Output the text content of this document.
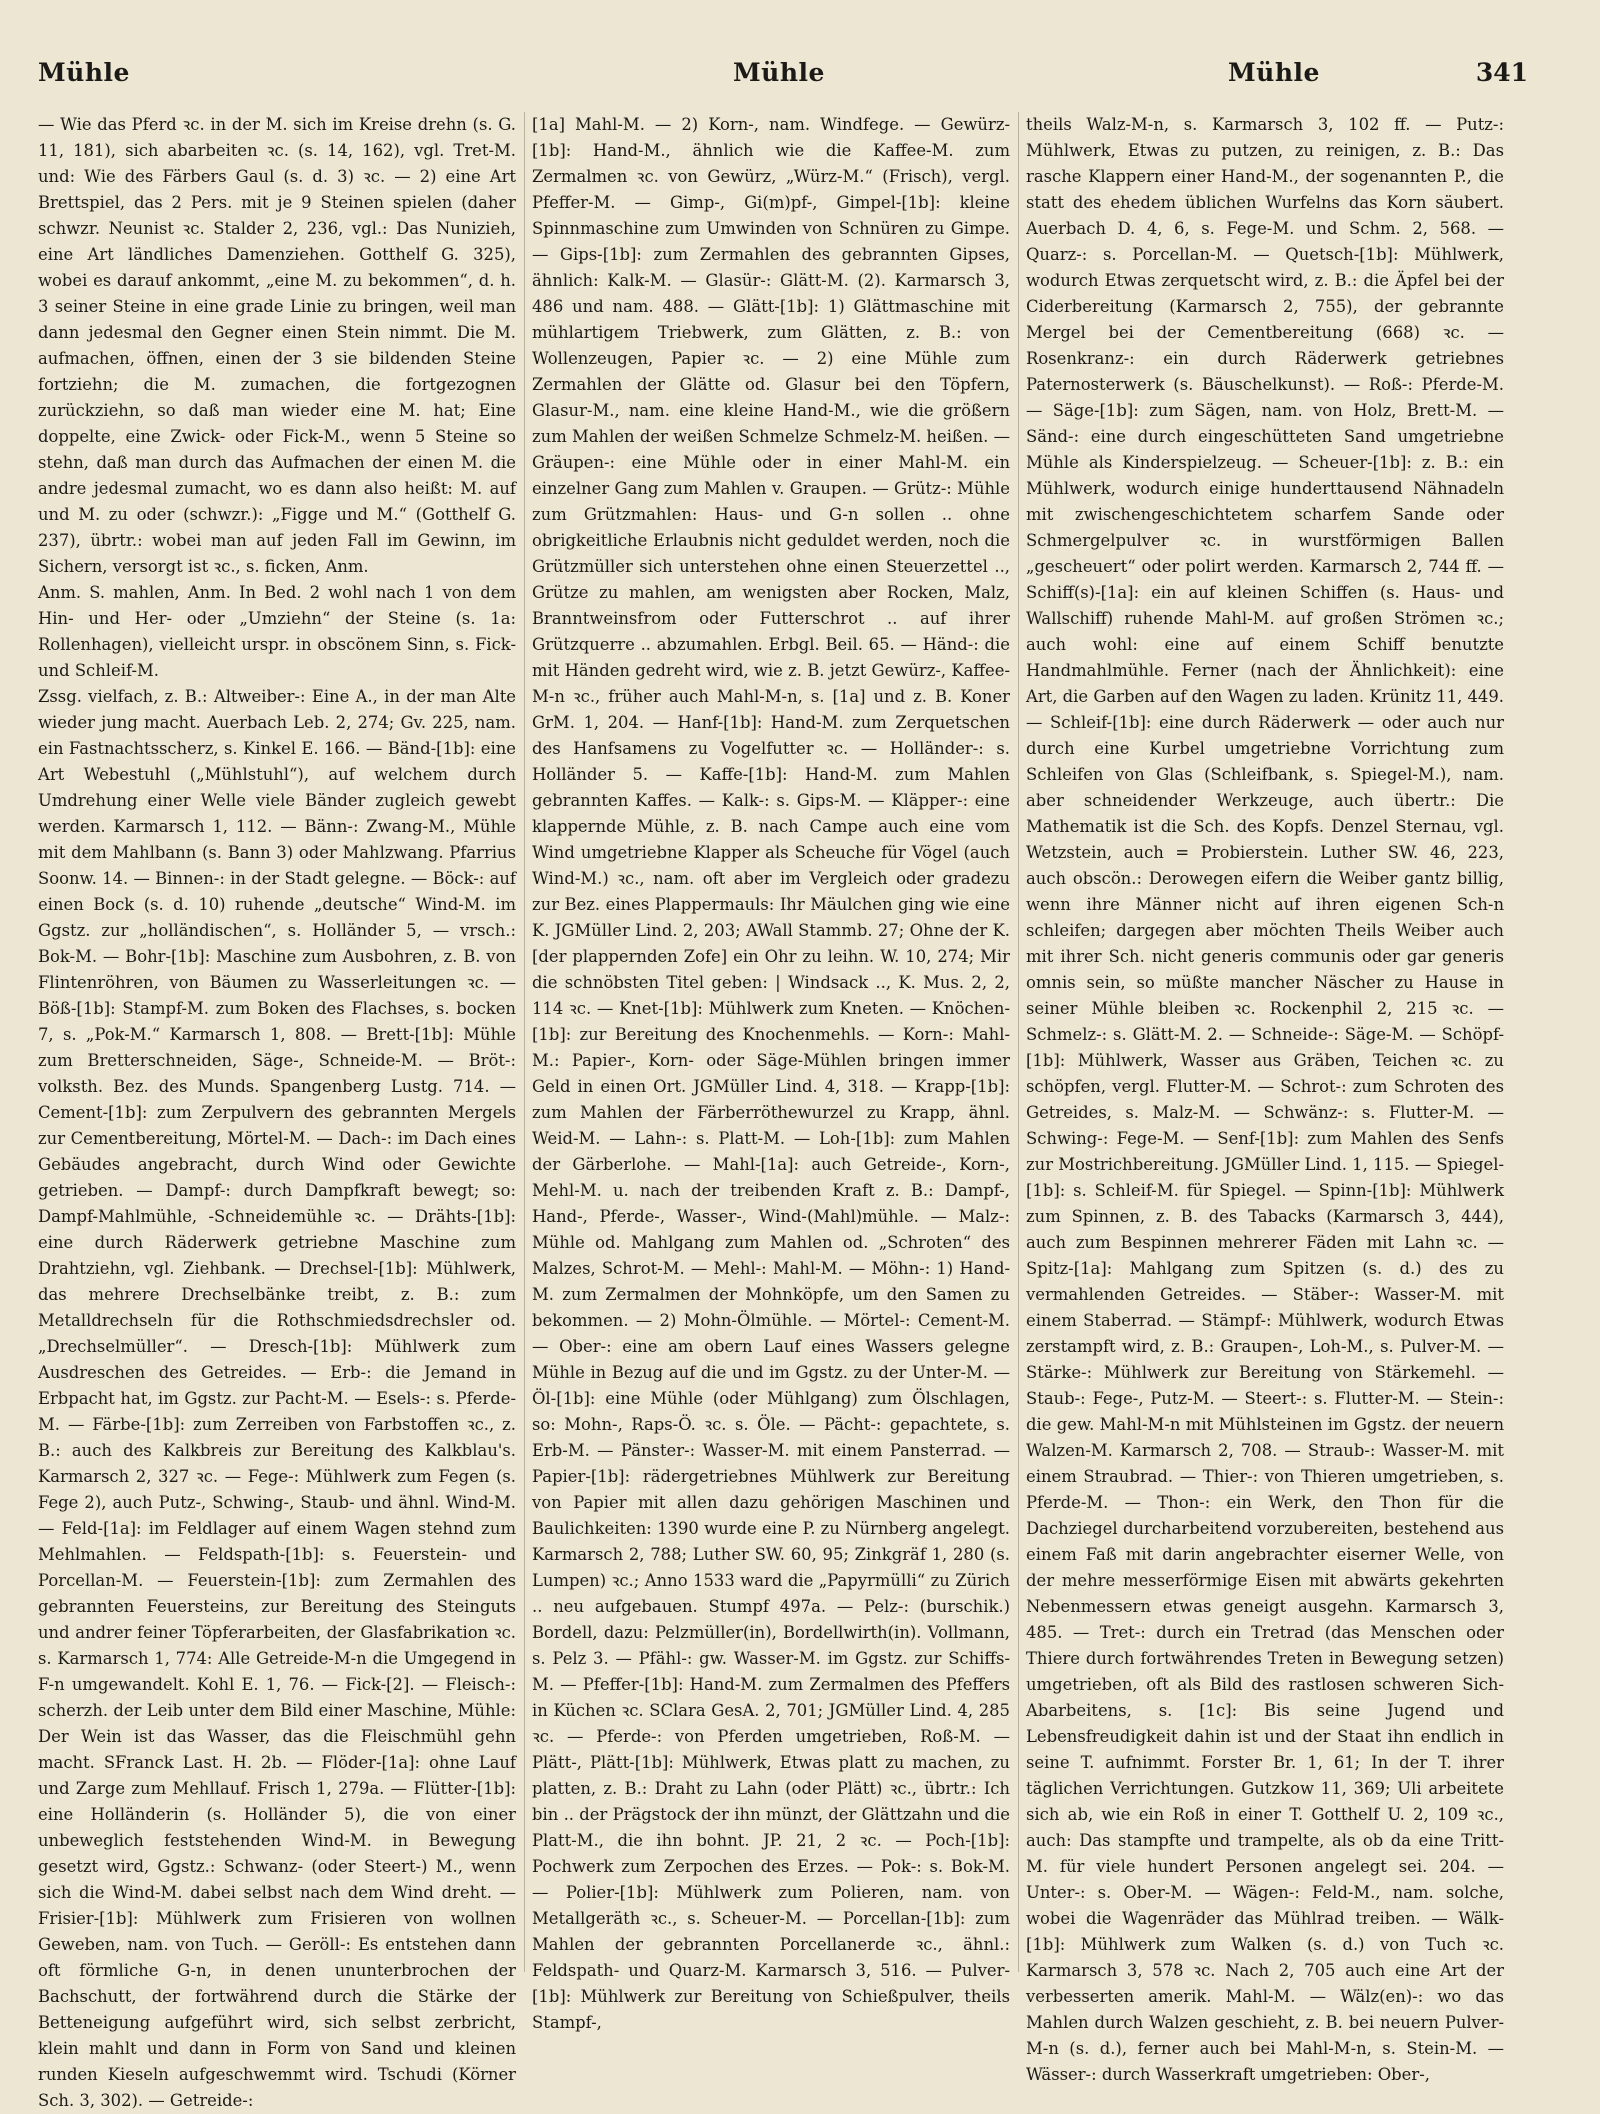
Mühle	Mühle	Mühle	341

— Wie das Pferd ꝛc. in der M. sich im Kreise drehn (s. G. 11, 181), sich abarbeiten ꝛc. (s. 14, 162), vgl. Tret-M. und: Wie des Färbers Gaul (s. d. 3) ꝛc. — 2) eine Art Brettspiel, das 2 Pers. mit je 9 Steinen spielen (daher schwzr. Neunist ꝛc. Stalder 2, 236, vgl.: Das Nunizieh, eine Art ländliches Damenziehen. Gotthelf G. 325), wobei es darauf ankommt, „eine M. zu bekommen“, d. h. 3 seiner Steine in eine grade Linie zu bringen, weil man dann jedesmal den Gegner einen Stein nimmt. Die M. aufmachen, öffnen, einen der 3 sie bildenden Steine fortziehn; die M. zumachen, die fortgezognen zurückziehn, so daß man wieder eine M. hat; Eine doppelte, eine Zwick- oder Fick-M., wenn 5 Steine so stehn, daß man durch das Aufmachen der einen M. die andre jedesmal zumacht, wo es dann also heißt: M. auf und M. zu oder (schwzr.): „Figge und M.“ (Gotthelf G. 237), übrtr.: wobei man auf jeden Fall im Gewinn, im Sichern, versorgt ist ꝛc., s. ficken, Anm.

Anm. S. mahlen, Anm. In Bed. 2 wohl nach 1 von dem Hin- und Her- oder „Umziehn“ der Steine (s. 1a: Rollenhagen), vielleicht urspr. in obscönem Sinn, s. Fick- und Schleif-M.

Zssg. vielfach, z. B.: Altweiber-: Eine A., in der man Alte wieder jung macht. Auerbach Leb. 2, 274; Gv. 225, nam. ein Fastnachtsscherz, s. Kinkel E. 166. — Bänd-[1b]: eine Art Webestuhl („Mühlstuhl“), auf welchem durch Umdrehung einer Welle viele Bänder zugleich gewebt werden. Karmarsch 1, 112. — Bänn-: Zwang-M., Mühle mit dem Mahlbann (s. Bann 3) oder Mahlzwang. Pfarrius Soonw. 14. — Binnen-: in der Stadt gelegne. — Böck-: auf einen Bock (s. d. 10) ruhende „deutsche“ Wind-M. im Ggstz. zur „holländischen“, s. Holländer 5, — vrsch.: Bok-M. — Bohr-[1b]: Maschine zum Ausbohren, z. B. von Flintenröhren, von Bäumen zu Wasserleitungen ꝛc. — Böß-[1b]: Stampf-M. zum Boken des Flachses, s. bocken 7, s. „Pok-M.“ Karmarsch 1, 808. — Brett-[1b]: Mühle zum Bretterschneiden, Säge-, Schneide-M. — Bröt-: volksth. Bez. des Munds. Spangenberg Lustg. 714. — Cement-[1b]: zum Zerpulvern des gebrannten Mergels zur Cementbereitung, Mörtel-M. — Dach-: im Dach eines Gebäudes angebracht, durch Wind oder Gewichte getrieben. — Dampf-: durch Dampfkraft bewegt; so: Dampf-Mahlmühle, -Schneidemühle ꝛc. — Drähts-[1b]: eine durch Räderwerk getriebne Maschine zum Drahtziehn, vgl. Ziehbank. — Drechsel-[1b]: Mühlwerk, das mehrere Drechselbänke treibt, z. B.: zum Metalldrechseln für die Rothschmiedsdrechsler od. „Drechselmüller“. — Dresch-[1b]: Mühlwerk zum Ausdreschen des Getreides. — Erb-: die Jemand in Erbpacht hat, im Ggstz. zur Pacht-M. — Esels-: s. Pferde-M. — Färbe-[1b]: zum Zerreiben von Farbstoffen ꝛc., z. B.: auch des Kalkbreis zur Bereitung des Kalkblau's. Karmarsch 2, 327 ꝛc. — Fege-: Mühlwerk zum Fegen (s. Fege 2), auch Putz-, Schwing-, Staub- und ähnl. Wind-M. — Feld-[1a]: im Feldlager auf einem Wagen stehnd zum Mehlmahlen. — Feldspath-[1b]: s. Feuerstein- und Porcellan-M. — Feuerstein-[1b]: zum Zermahlen des gebrannten Feuersteins, zur Bereitung des Steinguts und andrer feiner Töpferarbeiten, der Glasfabrikation ꝛc. s. Karmarsch 1, 774: Alle Getreide-M-n die Umgegend in F-n umgewandelt. Kohl E. 1, 76. — Fick-[2]. — Fleisch-: scherzh. der Leib unter dem Bild einer Maschine, Mühle: Der Wein ist das Wasser, das die Fleischmühl gehn macht. SFranck Last. H. 2b. — Flöder-[1a]: ohne Lauf und Zarge zum Mehllauf. Frisch 1, 279a. — Flütter-[1b]: eine Holländerin (s. Holländer 5), die von einer unbeweglich feststehenden Wind-M. in Bewegung gesetzt wird, Ggstz.: Schwanz- (oder Steert-) M., wenn sich die Wind-M. dabei selbst nach dem Wind dreht. — Frisier-[1b]: Mühlwerk zum Frisieren von wollnen Geweben, nam. von Tuch. — Geröll-: Es entstehen dann oft förmliche G-n, in denen ununterbrochen der Bachschutt, der fortwährend durch die Stärke der Betteneigung aufgeführt wird, sich selbst zerbricht, klein mahlt und dann in Form von Sand und kleinen runden Kieseln aufgeschwemmt wird. Tschudi (Körner Sch. 3, 302). — Getreide-:

[1a] Mahl-M. — 2) Korn-, nam. Windfege. — Gewürz-[1b]: Hand-M., ähnlich wie die Kaffee-M. zum Zermalmen ꝛc. von Gewürz, „Würz-M.“ (Frisch), vergl. Pfeffer-M. — Gimp-, Gi(m)pf-, Gimpel-[1b]: kleine Spinnmaschine zum Umwinden von Schnüren zu Gimpe. — Gips-[1b]: zum Zermahlen des gebrannten Gipses, ähnlich: Kalk-M. — Glasür-: Glätt-M. (2). Karmarsch 3, 486 und nam. 488. — Glätt-[1b]: 1) Glättmaschine mit mühlartigem Triebwerk, zum Glätten, z. B.: von Wollenzeugen, Papier ꝛc. — 2) eine Mühle zum Zermahlen der Glätte od. Glasur bei den Töpfern, Glasur-M., nam. eine kleine Hand-M., wie die größern zum Mahlen der weißen Schmelze Schmelz-M. heißen. — Gräupen-: eine Mühle oder in einer Mahl-M. ein einzelner Gang zum Mahlen v. Graupen. — Grütz-: Mühle zum Grützmahlen: Haus- und G-n sollen .. ohne obrigkeitliche Erlaubnis nicht geduldet werden, noch die Grützmüller sich unterstehen ohne einen Steuerzettel .., Grütze zu mahlen, am wenigsten aber Rocken, Malz, Branntweinsfrom oder Futterschrot .. auf ihrer Grützquerre .. abzumahlen. Erbgl. Beil. 65. — Händ-: die mit Händen gedreht wird, wie z. B. jetzt Gewürz-, Kaffee-M-n ꝛc., früher auch Mahl-M-n, s. [1a] und z. B. Koner GrM. 1, 204. — Hanf-[1b]: Hand-M. zum Zerquetschen des Hanfsamens zu Vogelfutter ꝛc. — Holländer-: s. Holländer 5. — Kaffe-[1b]: Hand-M. zum Mahlen gebrannten Kaffes. — Kalk-: s. Gips-M. — Kläpper-: eine klappernde Mühle, z. B. nach Campe auch eine vom Wind umgetriebne Klapper als Scheuche für Vögel (auch Wind-M.) ꝛc., nam. oft aber im Vergleich oder gradezu zur Bez. eines Plappermauls: Ihr Mäulchen ging wie eine K. JGMüller Lind. 2, 203; AWall Stammb. 27; Ohne der K. [der plappernden Zofe] ein Ohr zu leihn. W. 10, 274; Mir die schnöbsten Titel geben: | Windsack .., K. Mus. 2, 2, 114 ꝛc. — Knet-[1b]: Mühlwerk zum Kneten. — Knöchen-[1b]: zur Bereitung des Knochenmehls. — Korn-: Mahl-M.: Papier-, Korn- oder Säge-Mühlen bringen immer Geld in einen Ort. JGMüller Lind. 4, 318. — Krapp-[1b]: zum Mahlen der Färberröthewurzel zu Krapp, ähnl. Weid-M. — Lahn-: s. Platt-M. — Loh-[1b]: zum Mahlen der Gärberlohe. — Mahl-[1a]: auch Getreide-, Korn-, Mehl-M. u. nach der treibenden Kraft z. B.: Dampf-, Hand-, Pferde-, Wasser-, Wind-(Mahl)mühle. — Malz-: Mühle od. Mahlgang zum Mahlen od. „Schroten“ des Malzes, Schrot-M. — Mehl-: Mahl-M. — Möhn-: 1) Hand-M. zum Zermalmen der Mohnköpfe, um den Samen zu bekommen. — 2) Mohn-Ölmühle. — Mörtel-: Cement-M. — Ober-: eine am obern Lauf eines Wassers gelegne Mühle in Bezug auf die und im Ggstz. zu der Unter-M. — Öl-[1b]: eine Mühle (oder Mühlgang) zum Ölschlagen, so: Mohn-, Raps-Ö. ꝛc. s. Öle. — Pächt-: gepachtete, s. Erb-M. — Pänster-: Wasser-M. mit einem Pansterrad. — Papier-[1b]: rädergetriebnes Mühlwerk zur Bereitung von Papier mit allen dazu gehörigen Maschinen und Baulichkeiten: 1390 wurde eine P. zu Nürnberg angelegt. Karmarsch 2, 788; Luther SW. 60, 95; Zinkgräf 1, 280 (s. Lumpen) ꝛc.; Anno 1533 ward die „Papyrmülli“ zu Zürich .. neu aufgebauen. Stumpf 497a. — Pelz-: (burschik.) Bordell, dazu: Pelzmüller(in), Bordellwirth(in). Vollmann, s. Pelz 3. — Pfähl-: gw. Wasser-M. im Ggstz. zur Schiffs-M. — Pfeffer-[1b]: Hand-M. zum Zermalmen des Pfeffers in Küchen ꝛc. SClara GesA. 2, 701; JGMüller Lind. 4, 285 ꝛc. — Pferde-: von Pferden umgetrieben, Roß-M. — Plätt-, Plätt-[1b]: Mühlwerk, Etwas platt zu machen, zu platten, z. B.: Draht zu Lahn (oder Plätt) ꝛc., übrtr.: Ich bin .. der Prägstock der ihn münzt, der Glättzahn und die Platt-M., die ihn bohnt. JP. 21, 2 ꝛc. — Poch-[1b]: Pochwerk zum Zerpochen des Erzes. — Pok-: s. Bok-M. — Polier-[1b]: Mühlwerk zum Polieren, nam. von Metallgeräth ꝛc., s. Scheuer-M. — Porcellan-[1b]: zum Mahlen der gebrannten Porcellanerde ꝛc., ähnl.: Feldspath- und Quarz-M. Karmarsch 3, 516. — Pulver-[1b]: Mühlwerk zur Bereitung von Schießpulver, theils Stampf-,

theils Walz-M-n, s. Karmarsch 3, 102 ff. — Putz-: Mühlwerk, Etwas zu putzen, zu reinigen, z. B.: Das rasche Klappern einer Hand-M., der sogenannten P., die statt des ehedem üblichen Wurfelns das Korn säubert. Auerbach D. 4, 6, s. Fege-M. und Schm. 2, 568. — Quarz-: s. Porcellan-M. — Quetsch-[1b]: Mühlwerk, wodurch Etwas zerquetscht wird, z. B.: die Äpfel bei der Ciderbereitung (Karmarsch 2, 755), der gebrannte Mergel bei der Cementbereitung (668) ꝛc. — Rosenkranz-: ein durch Räderwerk getriebnes Paternosterwerk (s. Bäuschelkunst). — Roß-: Pferde-M. — Säge-[1b]: zum Sägen, nam. von Holz, Brett-M. — Sänd-: eine durch eingeschütteten Sand umgetriebne Mühle als Kinderspielzeug. — Scheuer-[1b]: z. B.: ein Mühlwerk, wodurch einige hunderttausend Nähnadeln mit zwischengeschichtetem scharfem Sande oder Schmergelpulver ꝛc. in wurstförmigen Ballen „gescheuert“ oder polirt werden. Karmarsch 2, 744 ff. — Schiff(s)-[1a]: ein auf kleinen Schiffen (s. Haus- und Wallschiff) ruhende Mahl-M. auf großen Strömen ꝛc.; auch wohl: eine auf einem Schiff benutzte Handmahlmühle. Ferner (nach der Ähnlichkeit): eine Art, die Garben auf den Wagen zu laden. Krünitz 11, 449. — Schleif-[1b]: eine durch Räderwerk — oder auch nur durch eine Kurbel umgetriebne Vorrichtung zum Schleifen von Glas (Schleifbank, s. Spiegel-M.), nam. aber schneidender Werkzeuge, auch übertr.: Die Mathematik ist die Sch. des Kopfs. Denzel Sternau, vgl. Wetzstein, auch = Probierstein. Luther SW. 46, 223, auch obscön.: Derowegen eifern die Weiber gantz billig, wenn ihre Männer nicht auf ihren eigenen Sch-n schleifen; dargegen aber möchten Theils Weiber auch mit ihrer Sch. nicht generis communis oder gar generis omnis sein, so müßte mancher Näscher zu Hause in seiner Mühle bleiben ꝛc. Rockenphil 2, 215 ꝛc. — Schmelz-: s. Glätt-M. 2. — Schneide-: Säge-M. — Schöpf-[1b]: Mühlwerk, Wasser aus Gräben, Teichen ꝛc. zu schöpfen, vergl. Flutter-M. — Schrot-: zum Schroten des Getreides, s. Malz-M. — Schwänz-: s. Flutter-M. — Schwing-: Fege-M. — Senf-[1b]: zum Mahlen des Senfs zur Mostrichbereitung. JGMüller Lind. 1, 115. — Spiegel-[1b]: s. Schleif-M. für Spiegel. — Spinn-[1b]: Mühlwerk zum Spinnen, z. B. des Tabacks (Karmarsch 3, 444), auch zum Bespinnen mehrerer Fäden mit Lahn ꝛc. — Spitz-[1a]: Mahlgang zum Spitzen (s. d.) des zu vermahlenden Getreides. — Stäber-: Wasser-M. mit einem Staberrad. — Stämpf-: Mühlwerk, wodurch Etwas zerstampft wird, z. B.: Graupen-, Loh-M., s. Pulver-M. — Stärke-: Mühlwerk zur Bereitung von Stärkemehl. — Staub-: Fege-, Putz-M. — Steert-: s. Flutter-M. — Stein-: die gew. Mahl-M-n mit Mühlsteinen im Ggstz. der neuern Walzen-M. Karmarsch 2, 708. — Straub-: Wasser-M. mit einem Straubrad. — Thier-: von Thieren umgetrieben, s. Pferde-M. — Thon-: ein Werk, den Thon für die Dachziegel durcharbeitend vorzubereiten, bestehend aus einem Faß mit darin angebrachter eiserner Welle, von der mehre messerförmige Eisen mit abwärts gekehrten Nebenmessern etwas geneigt ausgehn. Karmarsch 3, 485. — Tret-: durch ein Tretrad (das Menschen oder Thiere durch fortwährendes Treten in Bewegung setzen) umgetrieben, oft als Bild des rastlosen schweren Sich-Abarbeitens, s. [1c]: Bis seine Jugend und Lebensfreudigkeit dahin ist und der Staat ihn endlich in seine T. aufnimmt. Forster Br. 1, 61; In der T. ihrer täglichen Verrichtungen. Gutzkow 11, 369; Uli arbeitete sich ab, wie ein Roß in einer T. Gotthelf U. 2, 109 ꝛc., auch: Das stampfte und trampelte, als ob da eine Tritt-M. für viele hundert Personen angelegt sei. 204. — Unter-: s. Ober-M. — Wägen-: Feld-M., nam. solche, wobei die Wagenräder das Mühlrad treiben. — Wälk-[1b]: Mühlwerk zum Walken (s. d.) von Tuch ꝛc. Karmarsch 3, 578 ꝛc. Nach 2, 705 auch eine Art der verbesserten amerik. Mahl-M. — Wälz(en)-: wo das Mahlen durch Walzen geschieht, z. B. bei neuern Pulver-M-n (s. d.), ferner auch bei Mahl-M-n, s. Stein-M. — Wässer-: durch Wasserkraft umgetrieben: Ober-,
